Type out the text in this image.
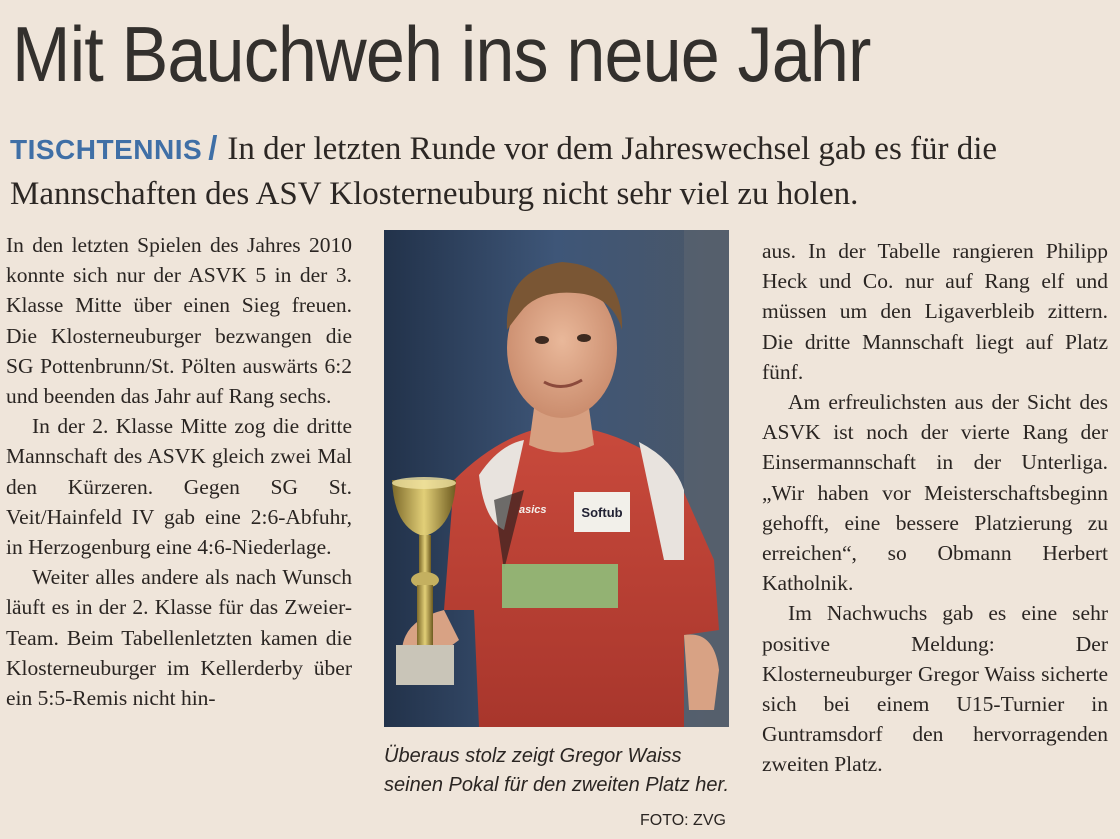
Mit Bauchweh ins neue Jahr
TISCHTENNIS / In der letzten Runde vor dem Jahreswechsel gab es für die Mannschaften des ASV Klosterneuburg nicht sehr viel zu holen.

In den letzten Spielen des Jahres 2010 konnte sich nur der ASVK 5 in der 3. Klasse Mitte über einen Sieg freuen. Die Klosterneuburger bezwangen die SG Pottenbrunn/St. Pölten auswärts 6:2 und beenden das Jahr auf Rang sechs.

In der 2. Klasse Mitte zog die dritte Mannschaft des ASVK gleich zwei Mal den Kürzeren. Gegen SG St. Veit/Hainfeld IV gab eine 2:6-Abfuhr, in Herzogenburg eine 4:6-Niederlage.

Weiter alles andere als nach Wunsch läuft es in der 2. Klasse für das Zweier-Team. Beim Tabellenletzten kamen die Klosterneuburger im Kellerderby über ein 5:5-Remis nicht hin-

Softub
asics
Überaus stolz zeigt Gregor Waiss seinen Pokal für den zweiten Platz her.
FOTO: ZVG

aus. In der Tabelle rangieren Philipp Heck und Co. nur auf Rang elf und müssen um den Ligaverbleib zittern. Die dritte Mannschaft liegt auf Platz fünf.

Am erfreulichsten aus der Sicht des ASVK ist noch der vierte Rang der Einsermannschaft in der Unterliga. „Wir haben vor Meisterschaftsbeginn gehofft, eine bessere Platzierung zu erreichen“, so Obmann Herbert Katholnik.

Im Nachwuchs gab es eine sehr positive Meldung: Der Klosterneuburger Gregor Waiss sicherte sich bei einem U15-Turnier in Guntramsdorf den hervorragenden zweiten Platz.
